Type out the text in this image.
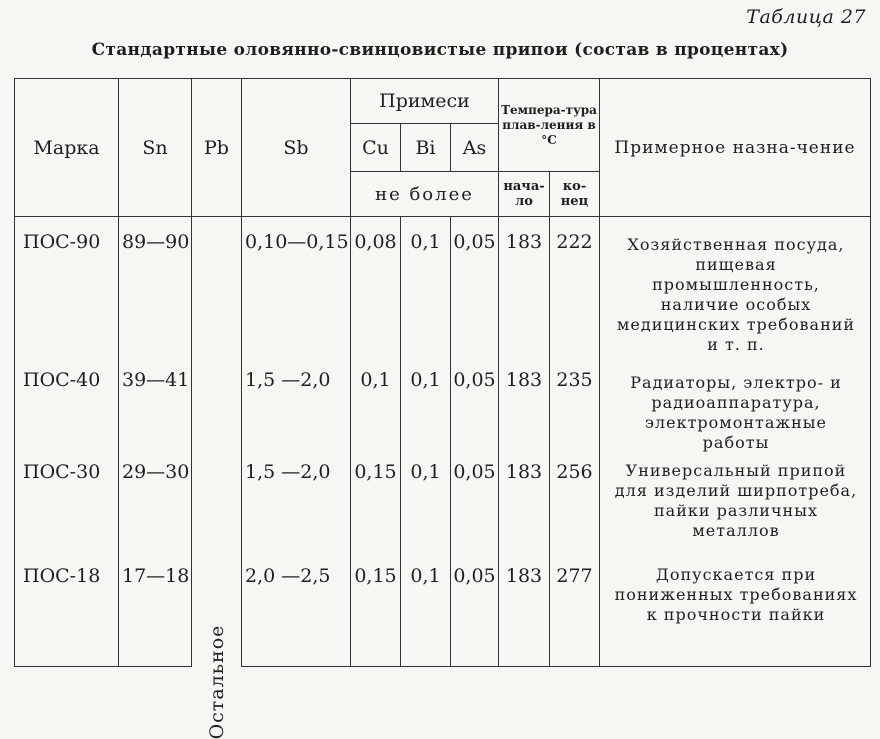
Таблица 27
Стандартные оловянно-свинцовистые припои (состав в процентах)
Марка	Sn	Pb	Sb	Примеси			Темпера-тура плав-ления в °С		Примерное назна-чение
				Cu	Bi	As			
				не более			нача-ло	ко-нец	
ПОС-90	89—90	Остальное	0,10—0,15	0,08	0,1	0,05	183	222	Хозяйственная посуда, пищевая промышленность, наличие особых медицинских требований и т. п.
ПОС-40	39—41		1,5 —2,0	0,1	0,1	0,05	183	235	Радиаторы, электро- и радиоаппаратура, электромонтажные работы
ПОС-30	29—30		1,5 —2,0	0,15	0,1	0,05	183	256	Универсальный припой для изделий ширпотреба, пайки различных металлов
ПОС-18	17—18		2,0 —2,5	0,15	0,1	0,05	183	277	Допускается при пониженных требованиях к прочности пайки
